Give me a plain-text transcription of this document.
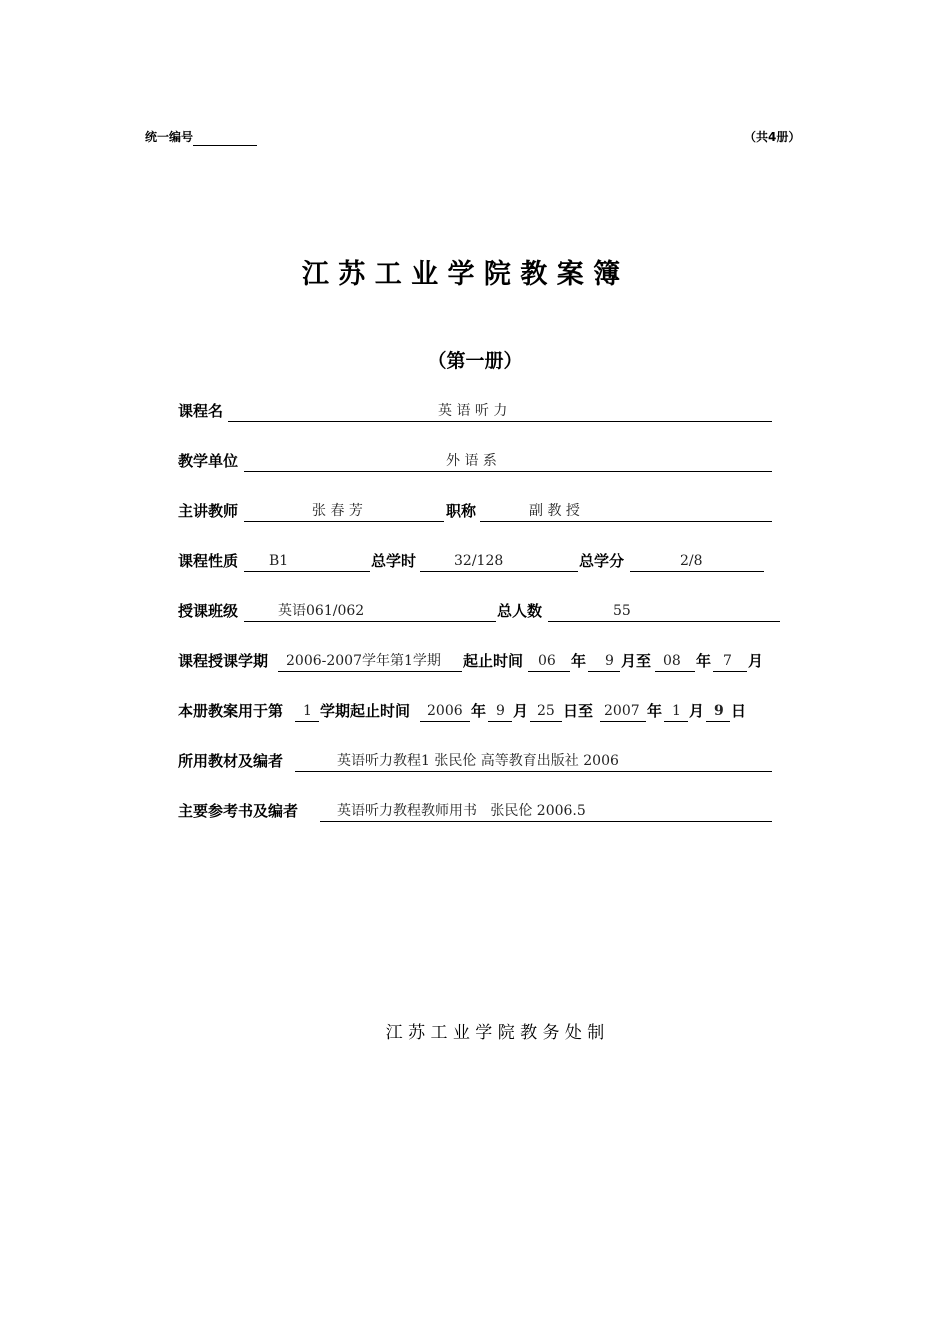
统一编号	（共4册）
江 苏 工 业 学 院 教 案 簿
（第一册）
课程名	英 语 听 力
教学单位	外 语 系
主讲教师	张 春 芳	职称	副 教 授
课程性质 B1	总学时	32/128	总学分	2/8
授课班级	英语061/062	总人数	55
课程授课学期 2006-2007学年第1学期 起止时间 06 年 9 月至 08 年 7 月
本册教案用于第 1 学期起止时间 2006 年 9 月 25 日至 2007 年 1 月 9 日
所用教材及编者	英语听力教程1 张民伦 高等教育出版社 2006
主要参考书及编者	英语听力教程教师用书   张民伦 2006.5
江 苏 工 业 学 院 教 务 处 制
